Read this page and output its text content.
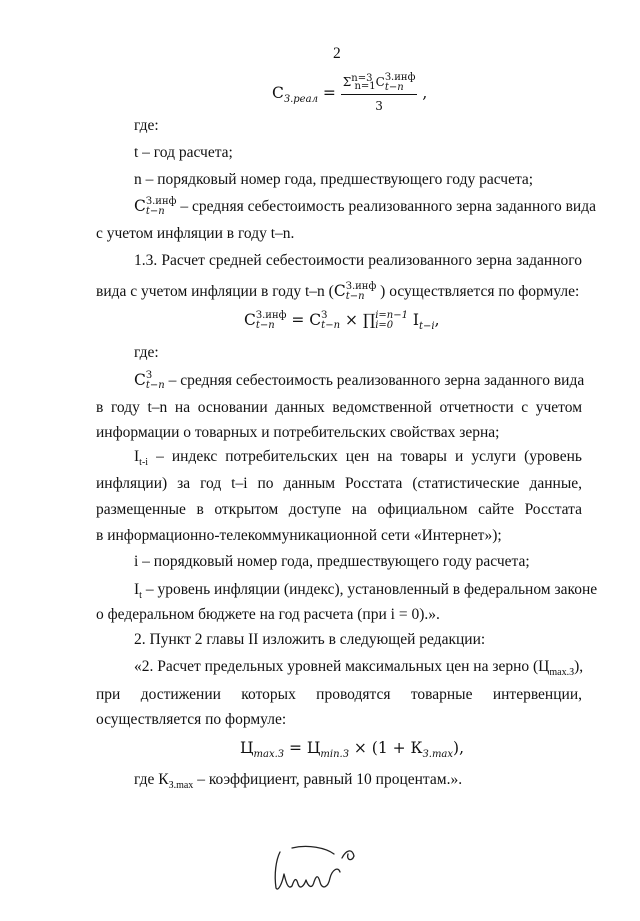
2
$С_{З.реал} = \Sigma^{n=3}_{n=1}С$ З.инф
t−n
3 ,
где:
t – год расчета;
n – порядковый номер года, предшествующего году расчета;
С З.инф
t−n – средняя себестоимость реализованного зерна заданного вида
с учетом инфляции в году t–n.
1.3. Расчет средней себестоимости реализованного зерна заданного
вида с учетом инфляции в году t–n (С З.инф
t−n ) осуществляется по формуле:
С З.инф
t−n = С З
t−n × ∏ i=n−1
i=0 $I_{t-i}$,
где:
С З
t−n – средняя себестоимость реализованного зерна заданного вида
в году t–n на основании данных ведомственной отчетности с учетом
информации о товарных и потребительских свойствах зерна;
$I_{t-i}$ – индекс потребительских цен на товары и услуги (уровень
инфляции) за год t–i по данным Росстата (статистические данные,
размещенные в открытом доступе на официальном сайте Росстата
в информационно-телекоммуникационной сети «Интернет»);
i – порядковый номер года, предшествующего году расчета;
$I_t$ – уровень инфляции (индекс), установленный в федеральном законе
о федеральном бюджете на год расчета (при i = 0).».
2. Пункт 2 главы II изложить в следующей редакции:
«2. Расчет предельных уровней максимальных цен на зерно $(Ц_{max.З})$,
при достижении которых проводятся товарные интервенции,
осуществляется по формуле:
$Ц_{max.З} = Ц_{min.З} \times (1 + К_{З.max})$,
где $К_{З.max}$ – коэффициент, равный 10 процентам.».
